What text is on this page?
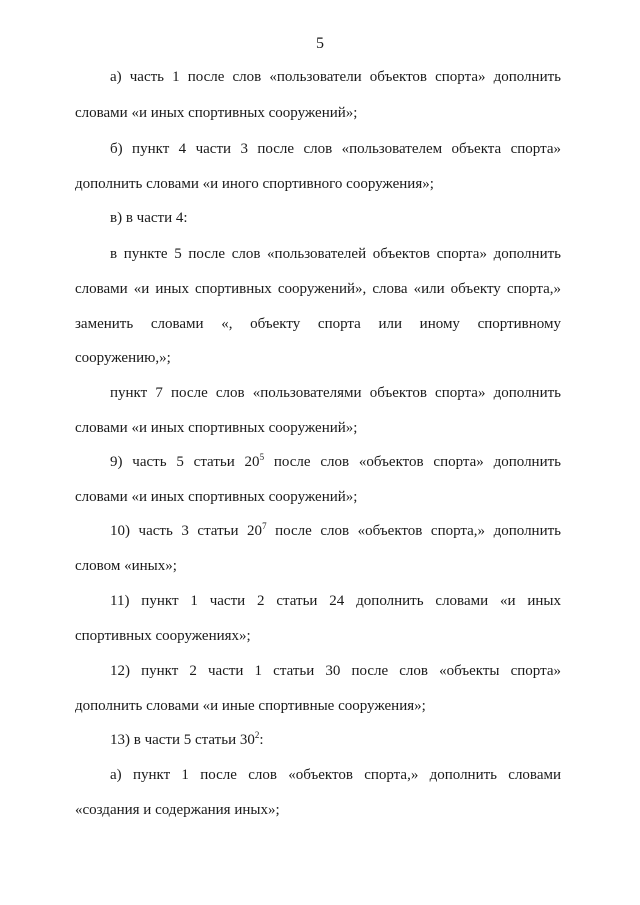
5
а) часть 1 после слов «пользователи объектов спорта» дополнить
словами «и иных спортивных сооружений»;
б) пункт 4 части 3 после слов «пользователем объекта спорта»
дополнить словами «и иного спортивного сооружения»;
в) в части 4:
в пункте 5 после слов «пользователей объектов спорта» дополнить
словами «и иных спортивных сооружений», слова «или объекту спорта,»
заменить словами «, объекту спорта или иному спортивному
сооружению,»;
пункт 7 после слов «пользователями объектов спорта» дополнить
словами «и иных спортивных сооружений»;
9) часть 5 статьи $20^5$ после слов «объектов спорта» дополнить
словами «и иных спортивных сооружений»;
10) часть 3 статьи $20^7$ после слов «объектов спорта,» дополнить
словом «иных»;
11) пункт 1 части 2 статьи 24 дополнить словами «и иных
спортивных сооружениях»;
12) пункт 2 части 1 статьи 30 после слов «объекты спорта»
дополнить словами «и иные спортивные сооружения»;
13) в части 5 статьи $30^2$:
а) пункт 1 после слов «объектов спорта,» дополнить словами
«создания и содержания иных»;
